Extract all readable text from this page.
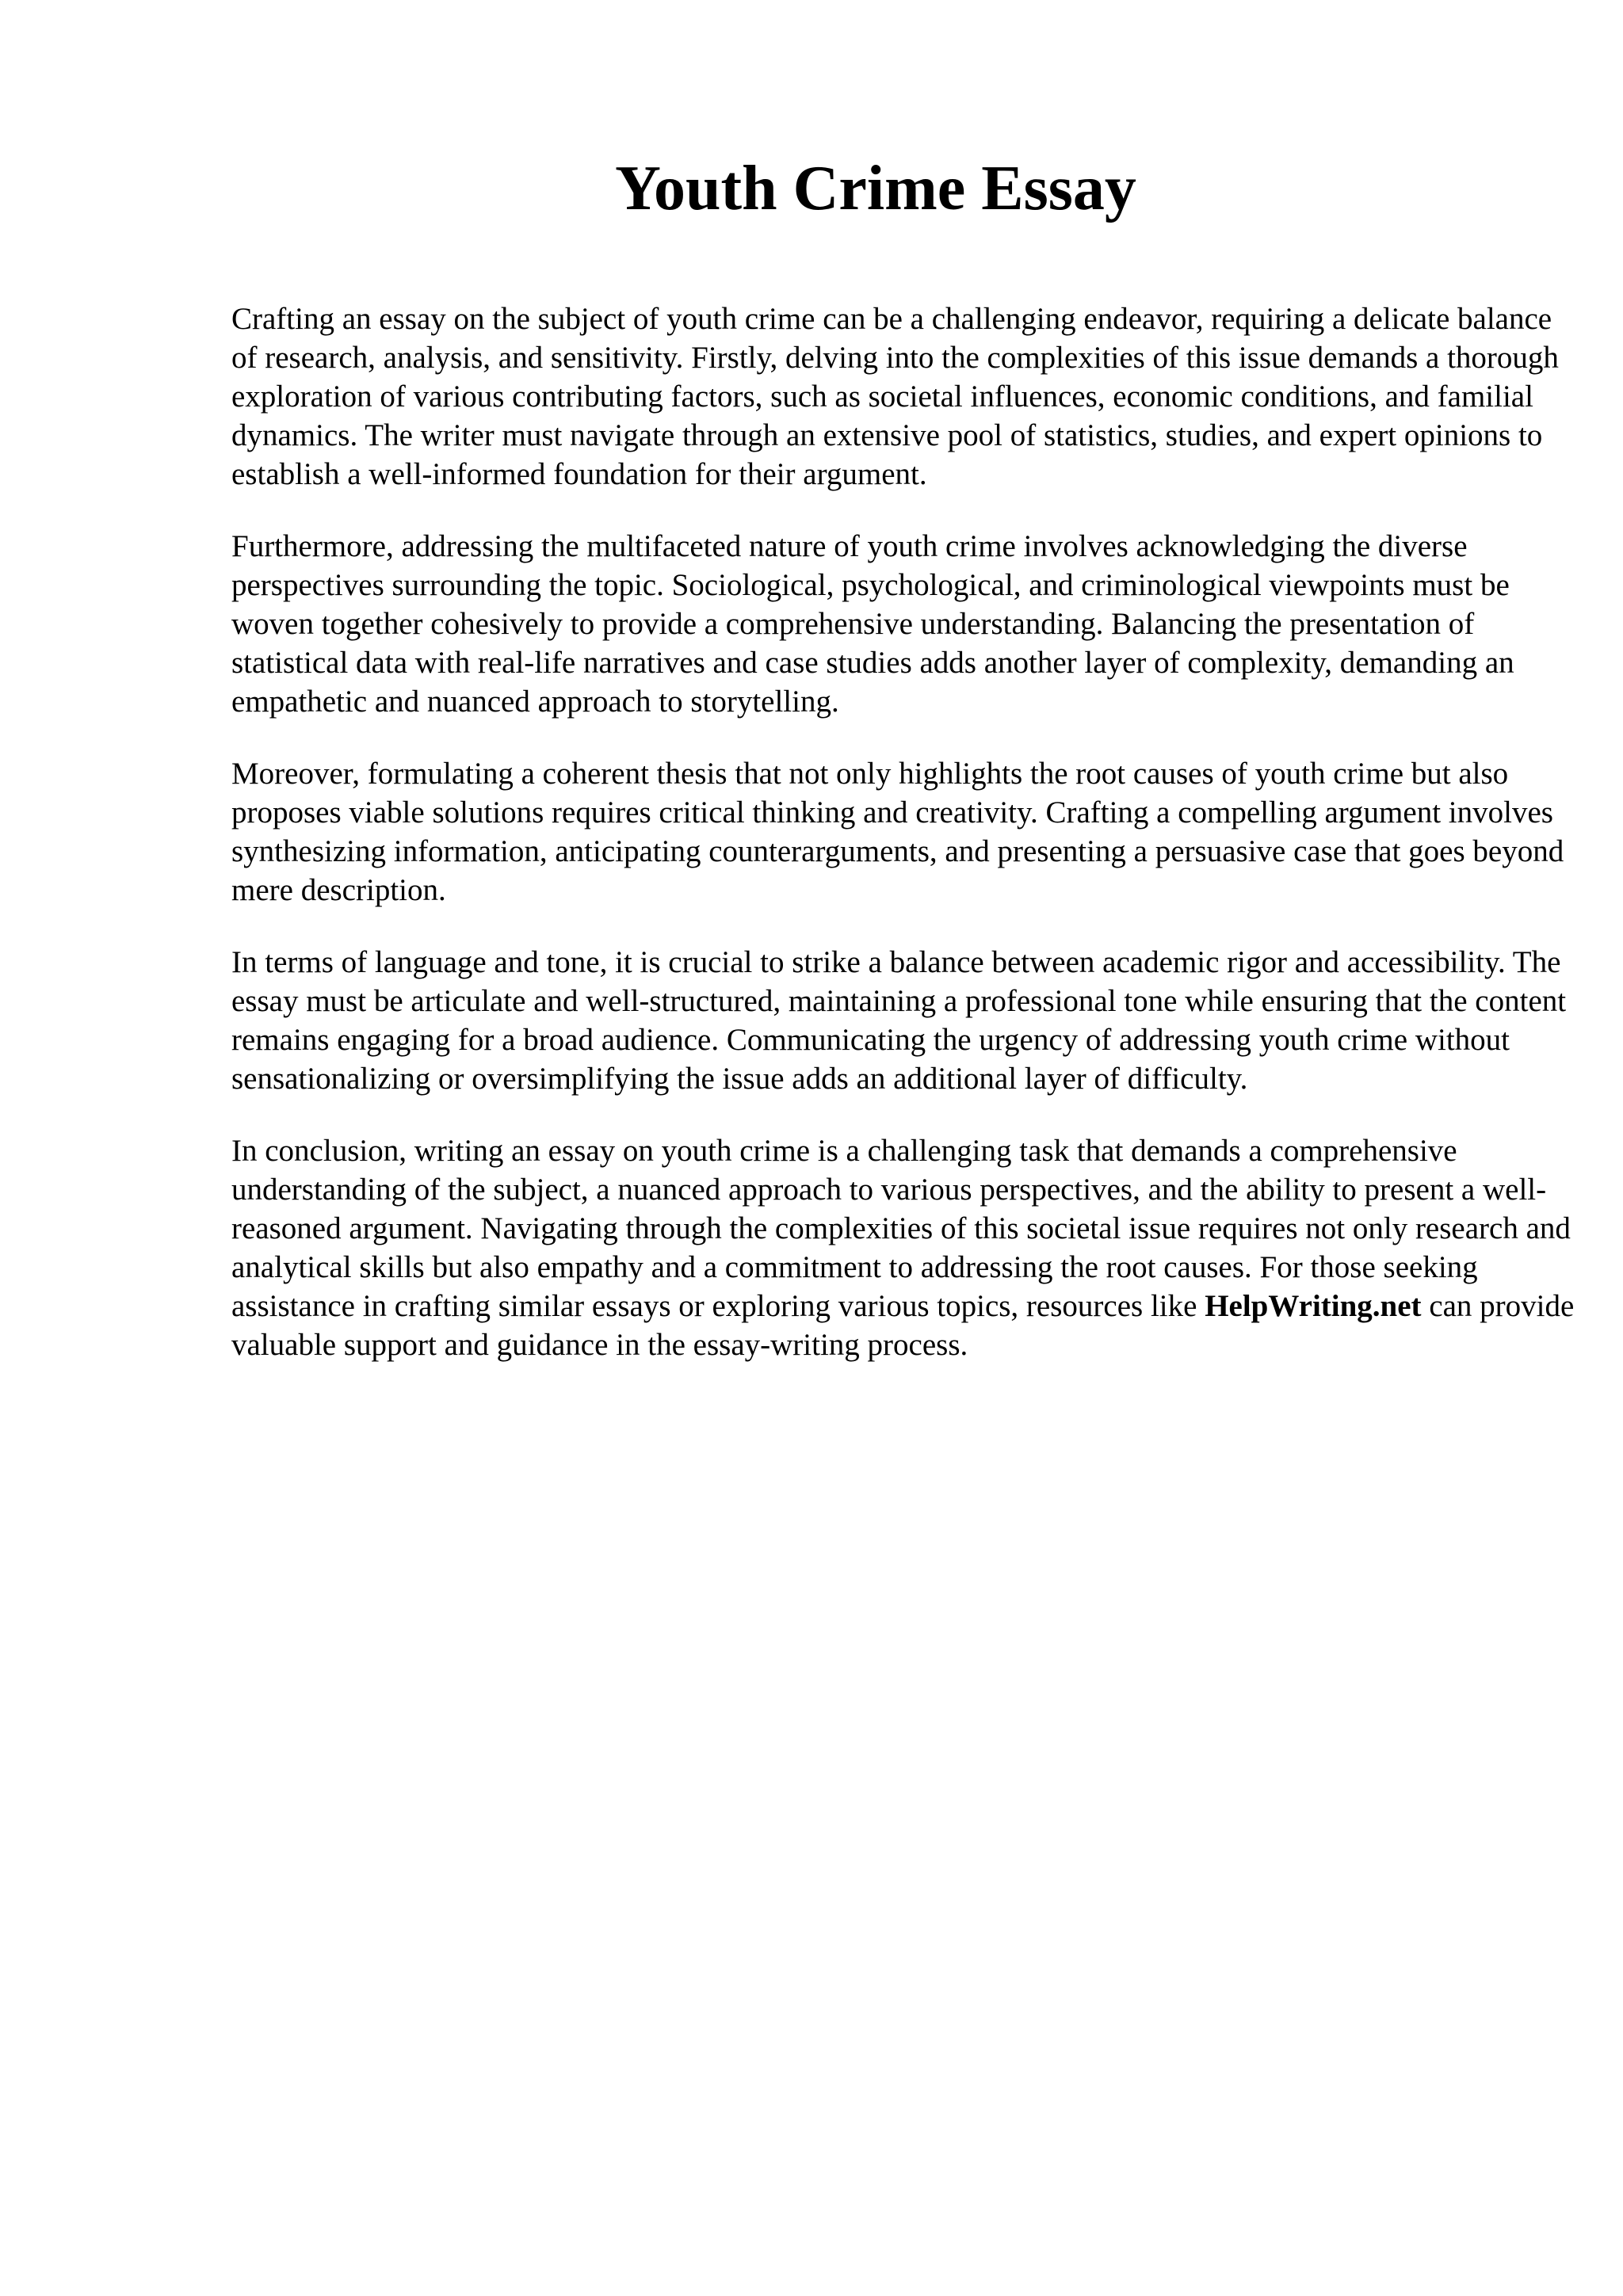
Youth Crime Essay

Crafting an essay on the subject of youth crime can be a challenging endeavor, requiring a delicate balance of research, analysis, and sensitivity. Firstly, delving into the complexities of this issue demands a thorough exploration of various contributing factors, such as societal influences, economic conditions, and familial dynamics. The writer must navigate through an extensive pool of statistics, studies, and expert opinions to establish a well-informed foundation for their argument.

Furthermore, addressing the multifaceted nature of youth crime involves acknowledging the diverse perspectives surrounding the topic. Sociological, psychological, and criminological viewpoints must be woven together cohesively to provide a comprehensive understanding. Balancing the presentation of statistical data with real-life narratives and case studies adds another layer of complexity, demanding an empathetic and nuanced approach to storytelling.

Moreover, formulating a coherent thesis that not only highlights the root causes of youth crime but also proposes viable solutions requires critical thinking and creativity. Crafting a compelling argument involves synthesizing information, anticipating counterarguments, and presenting a persuasive case that goes beyond mere description.

In terms of language and tone, it is crucial to strike a balance between academic rigor and accessibility. The essay must be articulate and well-structured, maintaining a professional tone while ensuring that the content remains engaging for a broad audience. Communicating the urgency of addressing youth crime without sensationalizing or oversimplifying the issue adds an additional layer of difficulty.

In conclusion, writing an essay on youth crime is a challenging task that demands a comprehensive understanding of the subject, a nuanced approach to various perspectives, and the ability to present a well-reasoned argument. Navigating through the complexities of this societal issue requires not only research and analytical skills but also empathy and a commitment to addressing the root causes. For those seeking assistance in crafting similar essays or exploring various topics, resources like HelpWriting.net can provide valuable support and guidance in the essay-writing process.
